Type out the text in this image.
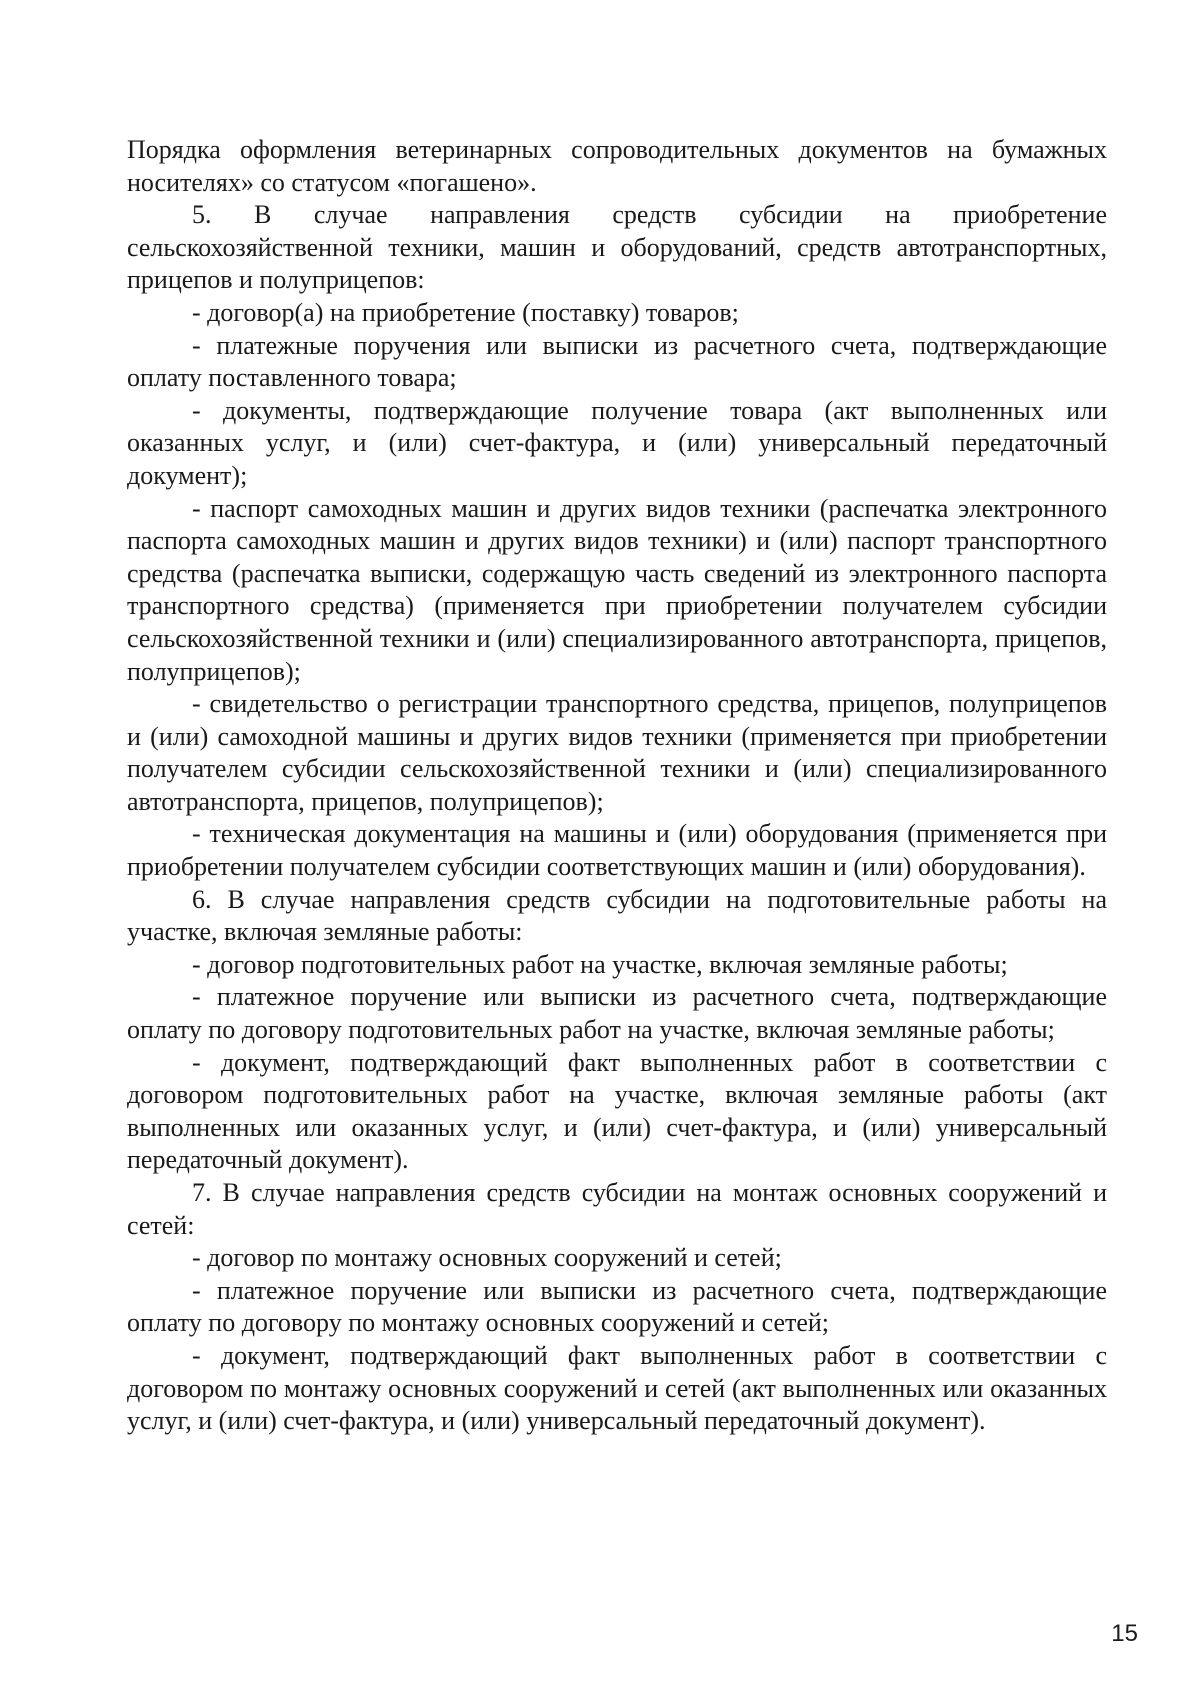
Порядка оформления ветеринарных сопроводительных документов на бумажных носителях» со статусом «погашено».

5. В случае направления средств субсидии на приобретение сельскохозяйственной техники, машин и оборудований, средств автотранспортных, прицепов и полуприцепов:

- договор(а) на приобретение (поставку) товаров;

- платежные поручения или выписки из расчетного счета, подтверждающие оплату поставленного товара;

- документы, подтверждающие получение товара (акт выполненных или оказанных услуг, и (или) счет-фактура, и (или) универсальный передаточный документ);

- паспорт самоходных машин и других видов техники (распечатка электронного паспорта самоходных машин и других видов техники) и (или) паспорт транспортного средства (распечатка выписки, содержащую часть сведений из электронного паспорта транспортного средства) (применяется при приобретении получателем субсидии сельскохозяйственной техники и (или) специализированного автотранспорта, прицепов, полуприцепов);

- свидетельство о регистрации транспортного средства, прицепов, полуприцепов и (или) самоходной машины и других видов техники (применяется при приобретении получателем субсидии сельскохозяйственной техники и (или) специализированного автотранспорта, прицепов, полуприцепов);

- техническая документация на машины и (или) оборудования (применяется при приобретении получателем субсидии соответствующих машин и (или) оборудования).

6. В случае направления средств субсидии на подготовительные работы на участке, включая земляные работы:

- договор подготовительных работ на участке, включая земляные работы;

- платежное поручение или выписки из расчетного счета, подтверждающие оплату по договору подготовительных работ на участке, включая земляные работы;

- документ, подтверждающий факт выполненных работ в соответствии с договором подготовительных работ на участке, включая земляные работы (акт выполненных или оказанных услуг, и (или) счет-фактура, и (или) универсальный передаточный документ).

7. В случае направления средств субсидии на монтаж основных сооружений и сетей:

- договор по монтажу основных сооружений и сетей;

- платежное поручение или выписки из расчетного счета, подтверждающие оплату по договору по монтажу основных сооружений и сетей;

- документ, подтверждающий факт выполненных работ в соответствии с договором по монтажу основных сооружений и сетей (акт выполненных или оказанных услуг, и (или) счет-фактура, и (или) универсальный передаточный документ).

15
